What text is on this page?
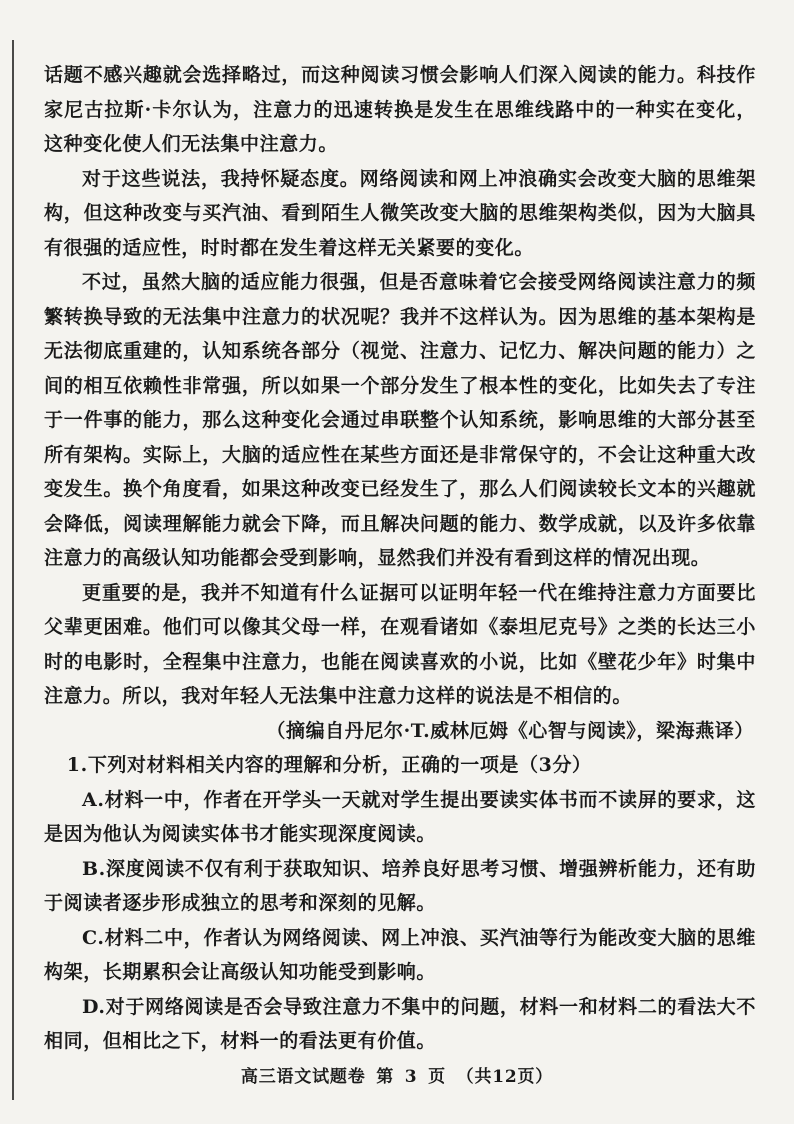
话题不感兴趣就会选择略过，而这种阅读习惯会影响人们深入阅读的能力。科技作家尼古拉斯·卡尔认为，注意力的迅速转换是发生在思维线路中的一种实在变化，这种变化使人们无法集中注意力。

对于这些说法，我持怀疑态度。网络阅读和网上冲浪确实会改变大脑的思维架构，但这种改变与买汽油、看到陌生人微笑改变大脑的思维架构类似，因为大脑具有很强的适应性，时时都在发生着这样无关紧要的变化。

不过，虽然大脑的适应能力很强，但是否意味着它会接受网络阅读注意力的频繁转换导致的无法集中注意力的状况呢？我并不这样认为。因为思维的基本架构是无法彻底重建的，认知系统各部分（视觉、注意力、记忆力、解决问题的能力）之间的相互依赖性非常强，所以如果一个部分发生了根本性的变化，比如失去了专注于一件事的能力，那么这种变化会通过串联整个认知系统，影响思维的大部分甚至所有架构。实际上，大脑的适应性在某些方面还是非常保守的，不会让这种重大改变发生。换个角度看，如果这种改变已经发生了，那么人们阅读较长文本的兴趣就会降低，阅读理解能力就会下降，而且解决问题的能力、数学成就，以及许多依靠注意力的高级认知功能都会受到影响，显然我们并没有看到这样的情况出现。

更重要的是，我并不知道有什么证据可以证明年轻一代在维持注意力方面要比父辈更困难。他们可以像其父母一样，在观看诸如《泰坦尼克号》之类的长达三小时的电影时，全程集中注意力，也能在阅读喜欢的小说，比如《壁花少年》时集中注意力。所以，我对年轻人无法集中注意力这样的说法是不相信的。

（摘编自丹尼尔·T.威林厄姆《心智与阅读》，梁海燕译）

1.下列对材料相关内容的理解和分析，正确的一项是（3分）

A.材料一中，作者在开学头一天就对学生提出要读实体书而不读屏的要求，这是因为他认为阅读实体书才能实现深度阅读。

B.深度阅读不仅有利于获取知识、培养良好思考习惯、增强辨析能力，还有助于阅读者逐步形成独立的思考和深刻的见解。

C.材料二中，作者认为网络阅读、网上冲浪、买汽油等行为能改变大脑的思维构架，长期累积会让高级认知功能受到影响。

D.对于网络阅读是否会导致注意力不集中的问题，材料一和材料二的看法大不相同，但相比之下，材料一的看法更有价值。

高三语文试题卷 第 3 页 （共12页）
